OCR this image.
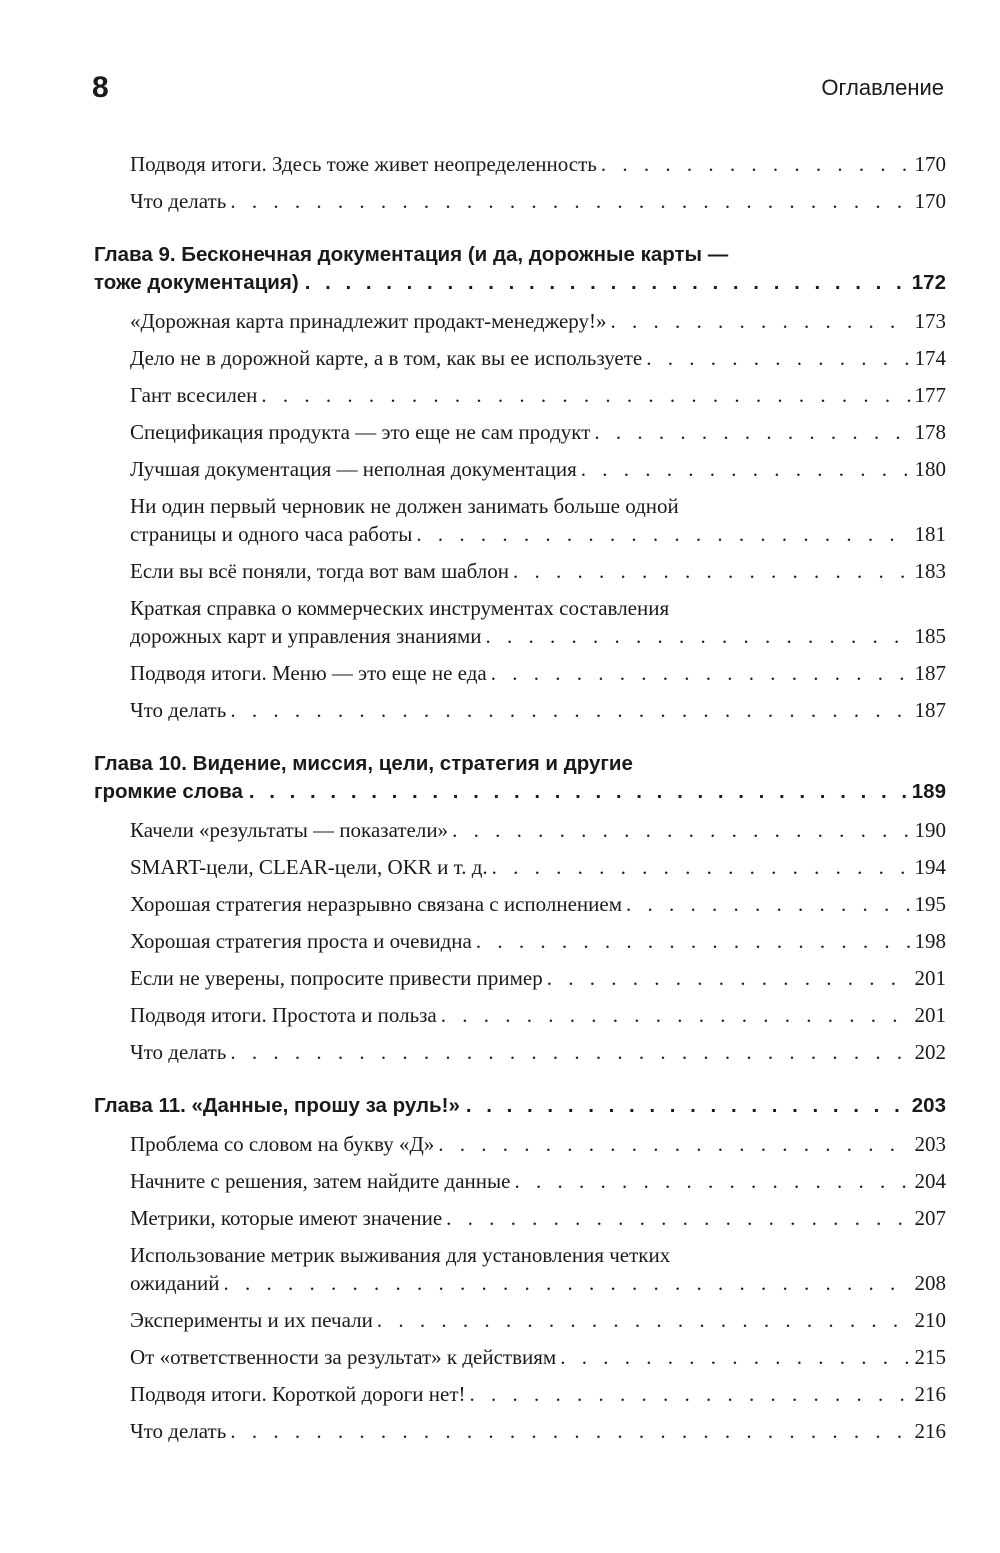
8	Оглавление
Подводя итоги. Здесь тоже живет неопределенность . . .	170
Что делать . . .	170
Глава 9. Бесконечная документация (и да, дорожные карты —
тоже документация) . . .	172
«Дорожная карта принадлежит продакт-менеджеру!» . . .	173
Дело не в дорожной карте, а в том, как вы ее используете . . .	174
Гант всесилен . . .	177
Спецификация продукта — это еще не сам продукт . . .	178
Лучшая документация — неполная документация . . .	180
Ни один первый черновик не должен занимать больше одной
страницы и одного часа работы . . .	181
Если вы всё поняли, тогда вот вам шаблон . . .	183
Краткая справка о коммерческих инструментах составления
дорожных карт и управления знаниями . . .	185
Подводя итоги. Меню — это еще не еда . . .	187
Что делать . . .	187
Глава 10. Видение, миссия, цели, стратегия и другие
громкие слова . . .	189
Качели «результаты — показатели» . . .	190
SMART-цели, CLEAR-цели, OKR и т. д. . . .	194
Хорошая стратегия неразрывно связана с исполнением . . .	195
Хорошая стратегия проста и очевидна . . .	198
Если не уверены, попросите привести пример . . .	201
Подводя итоги. Простота и польза . . .	201
Что делать . . .	202
Глава 11. «Данные, прошу за руль!» . . .	203
Проблема со словом на букву «Д» . . .	203
Начните с решения, затем найдите данные . . .	204
Метрики, которые имеют значение . . .	207
Использование метрик выживания для установления четких
ожиданий . . .	208
Эксперименты и их печали . . .	210
От «ответственности за результат» к действиям . . .	215
Подводя итоги. Короткой дороги нет! . . .	216
Что делать . . .	216
